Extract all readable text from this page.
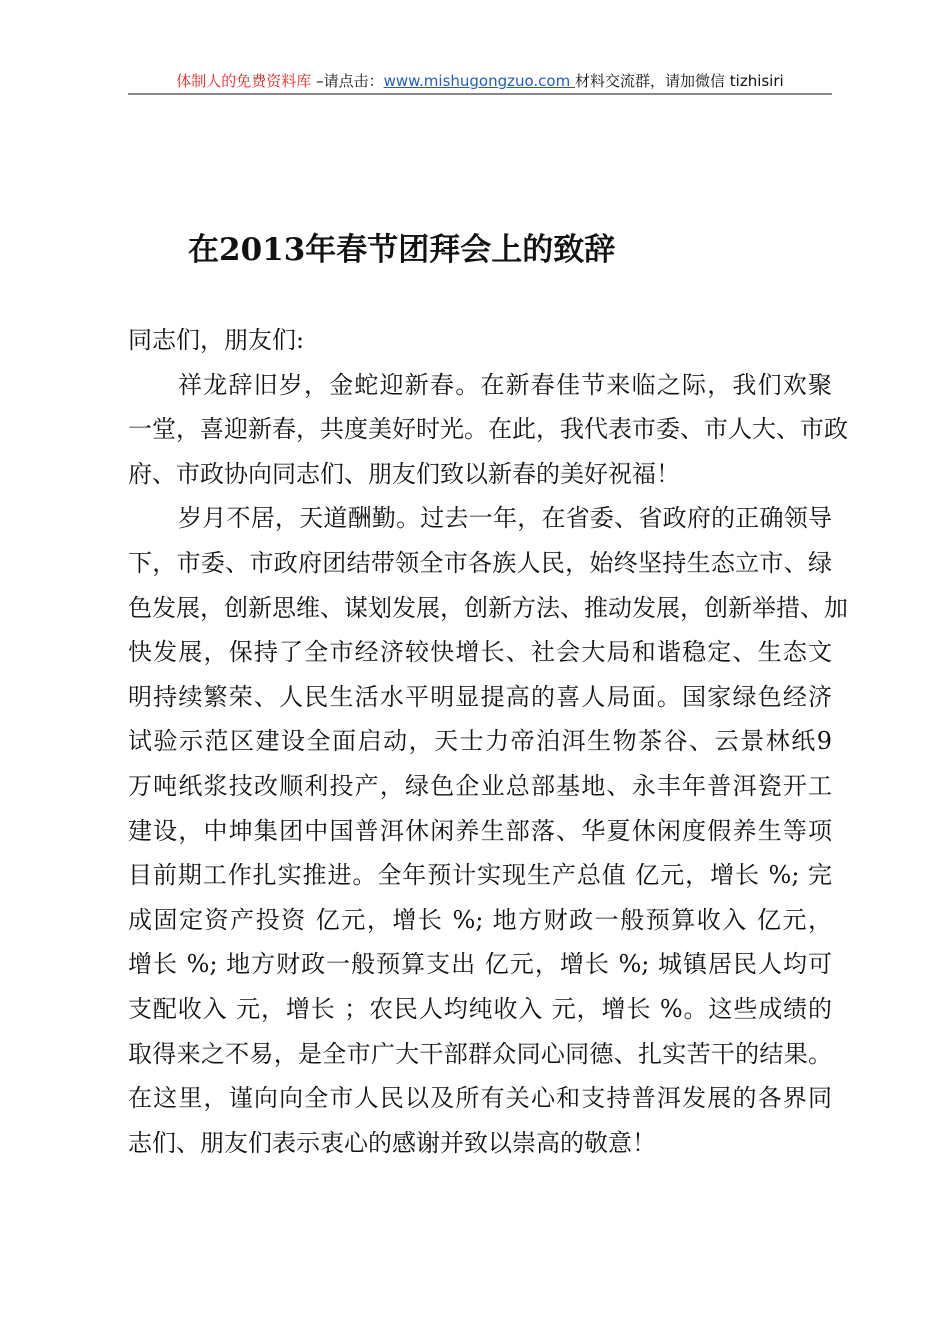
体制人的免费资料库 –请点击：www.mishugongzuo.com 材料交流群，请加微信 tizhisiri
在2013年春节团拜会上的致辞
同志们，朋友们:
祥龙辞旧岁，金蛇迎新春。在新春佳节来临之际，我们欢聚
一堂，喜迎新春，共度美好时光。在此，我代表市委、市人大、市政
府、市政协向同志们、朋友们致以新春的美好祝福！
岁月不居，天道酬勤。过去一年，在省委、省政府的正确领导
下，市委、市政府团结带领全市各族人民，始终坚持生态立市、绿
色发展，创新思维、谋划发展，创新方法、推动发展，创新举措、加
快发展，保持了全市经济较快增长、社会大局和谐稳定、生态文
明持续繁荣、人民生活水平明显提高的喜人局面。国家绿色经济
试验示范区建设全面启动，天士力帝泊洱生物茶谷、云景林纸9
万吨纸浆技改顺利投产，绿色企业总部基地、永丰年普洱瓷开工
建设，中坤集团中国普洱休闲养生部落、华夏休闲度假养生等项
目前期工作扎实推进。全年预计实现生产总值 亿元，增长 %; 完
成固定资产投资 亿元，增长 %; 地方财政一般预算收入 亿元，
增长 %; 地方财政一般预算支出 亿元，增长 %; 城镇居民人均可
支配收入 元，增长 ；农民人均纯收入 元，增长 %。这些成绩的
取得来之不易，是全市广大干部群众同心同德、扎实苦干的结果。
在这里，谨向向全市人民以及所有关心和支持普洱发展的各界同
志们、朋友们表示衷心的感谢并致以崇高的敬意！
